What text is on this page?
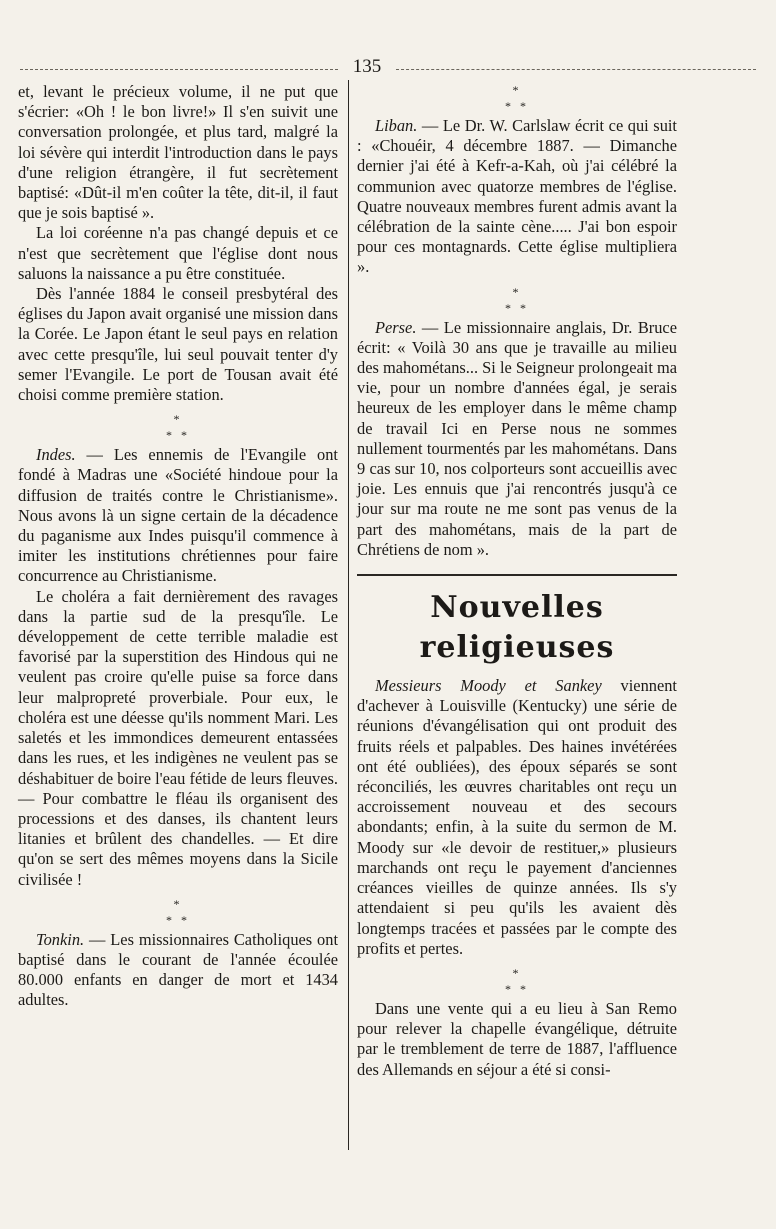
135

et, levant le précieux volume, il ne put que s'écrier: «Oh ! le bon livre!» Il s'en suivit une conversation prolongée, et plus tard, malgré la loi sévère qui interdit l'introduction dans le pays d'une religion étrangère, il fut secrètement baptisé: «Dût-il m'en coûter la tête, dit-il, il faut que je sois baptisé ».

La loi coréenne n'a pas changé depuis et ce n'est que secrètement que l'église dont nous saluons la naissance a pu être constituée.

Dès l'année 1884 le conseil presbytéral des églises du Japon avait organisé une mission dans la Corée. Le Japon étant le seul pays en relation avec cette presqu'île, lui seul pouvait tenter d'y semer l'Evangile. Le port de Tousan avait été choisi comme première station.

*
* *

Indes. — Les ennemis de l'Evangile ont fondé à Madras une «Société hindoue pour la diffusion de traités contre le Christianisme». Nous avons là un signe certain de la décadence du paganisme aux Indes puisqu'il commence à imiter les institutions chrétiennes pour faire concurrence au Christianisme.

Le choléra a fait dernièrement des ravages dans la partie sud de la presqu'île. Le développement de cette terrible maladie est favorisé par la superstition des Hindous qui ne veulent pas croire qu'elle puise sa force dans leur malpropreté proverbiale. Pour eux, le choléra est une déesse qu'ils nomment Mari. Les saletés et les immondices demeurent entassées dans les rues, et les indigènes ne veulent pas se déshabituer de boire l'eau fétide de leurs fleuves. — Pour combattre le fléau ils organisent des processions et des danses, ils chantent leurs litanies et brûlent des chandelles. — Et dire qu'on se sert des mêmes moyens dans la Sicile civilisée !

*
* *

Tonkin. — Les missionnaires Catholiques ont baptisé dans le courant de l'année écoulée 80.000 enfants en danger de mort et 1434 adultes.

*
* *

Liban. — Le Dr. W. Carlslaw écrit ce qui suit : «Chouéir, 4 décembre 1887. — Dimanche dernier j'ai été à Kefr-a-Kah, où j'ai célébré la communion avec quatorze membres de l'église. Quatre nouveaux membres furent admis avant la célébration de la sainte cène..... J'ai bon espoir pour ces montagnards. Cette église multipliera ».

*
* *

Perse. — Le missionnaire anglais, Dr. Bruce écrit: « Voilà 30 ans que je travaille au milieu des mahométans... Si le Seigneur prolongeait ma vie, pour un nombre d'années égal, je serais heureux de les employer dans le même champ de travail Ici en Perse nous ne sommes nullement tourmentés par les mahométans. Dans 9 cas sur 10, nos colporteurs sont accueillis avec joie. Les ennuis que j'ai rencontrés jusqu'à ce jour sur ma route ne me sont pas venus de la part des mahométans, mais de la part de Chrétiens de nom ».

Nouvelles religieuses

Messieurs Moody et Sankey viennent d'achever à Louisville (Kentucky) une série de réunions d'évangélisation qui ont produit des fruits réels et palpables. Des haines invétérées ont été oubliées), des époux séparés se sont réconciliés, les œuvres charitables ont reçu un accroissement nouveau et des secours abondants; enfin, à la suite du sermon de M. Moody sur «le devoir de restituer,» plusieurs marchands ont reçu le payement d'anciennes créances vieilles de quinze années. Ils s'y attendaient si peu qu'ils les avaient dès longtemps tracées et passées par le compte des profits et pertes.

*
* *

Dans une vente qui a eu lieu à San Remo pour relever la chapelle évangélique, détruite par le tremblement de terre de 1887, l'affluence des Allemands en séjour a été si consi-
